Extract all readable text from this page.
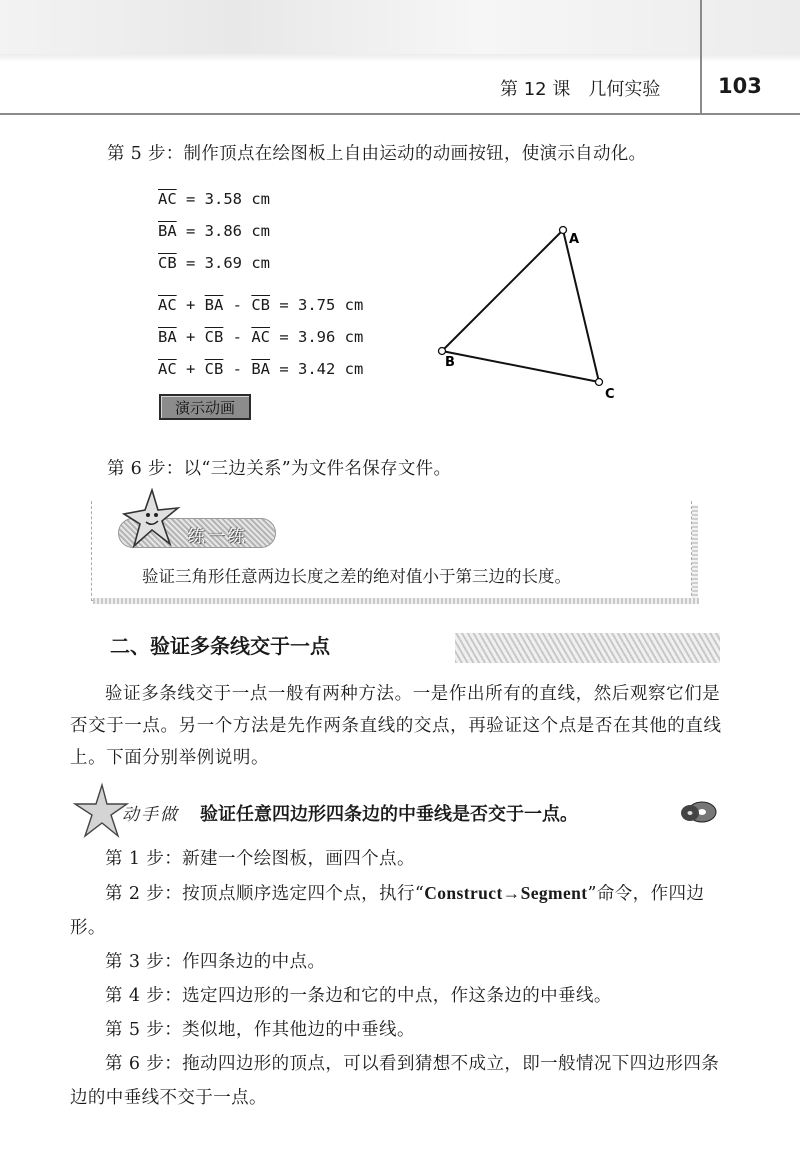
第 12 课　几何实验	103
第 5 步：制作顶点在绘图板上自由运动的动画按钮，使演示自动化。
$\overline{AC} = 3.58$ cm
$\overline{BA} = 3.86$ cm
$\overline{CB} = 3.69$ cm
$\overline{AC} + \overline{BA} - \overline{CB} = 3.75$ cm
$\overline{BA} + \overline{CB} - \overline{AC} = 3.96$ cm
$\overline{AC} + \overline{CB} - \overline{BA} = 3.42$ cm
演示动画
A
B
C
第 6 步：以“三边关系”为文件名保存文件。
练一练
验证三角形任意两边长度之差的绝对值小于第三边的长度。
二、验证多条线交于一点
验证多条线交于一点一般有两种方法。一是作出所有的直线，然后观察它们是否交于一点。另一个方法是先作两条直线的交点，再验证这个点是否在其他的直线上。下面分别举例说明。
动手做 验证任意四边形四条边的中垂线是否交于一点。
第 1 步：新建一个绘图板，画四个点。
第 2 步：按顶点顺序选定四个点，执行“Construct→Segment”命令，作四边形。
第 3 步：作四条边的中点。
第 4 步：选定四边形的一条边和它的中点，作这条边的中垂线。
第 5 步：类似地，作其他边的中垂线。
第 6 步：拖动四边形的顶点，可以看到猜想不成立，即一般情况下四边形四条边的中垂线不交于一点。
